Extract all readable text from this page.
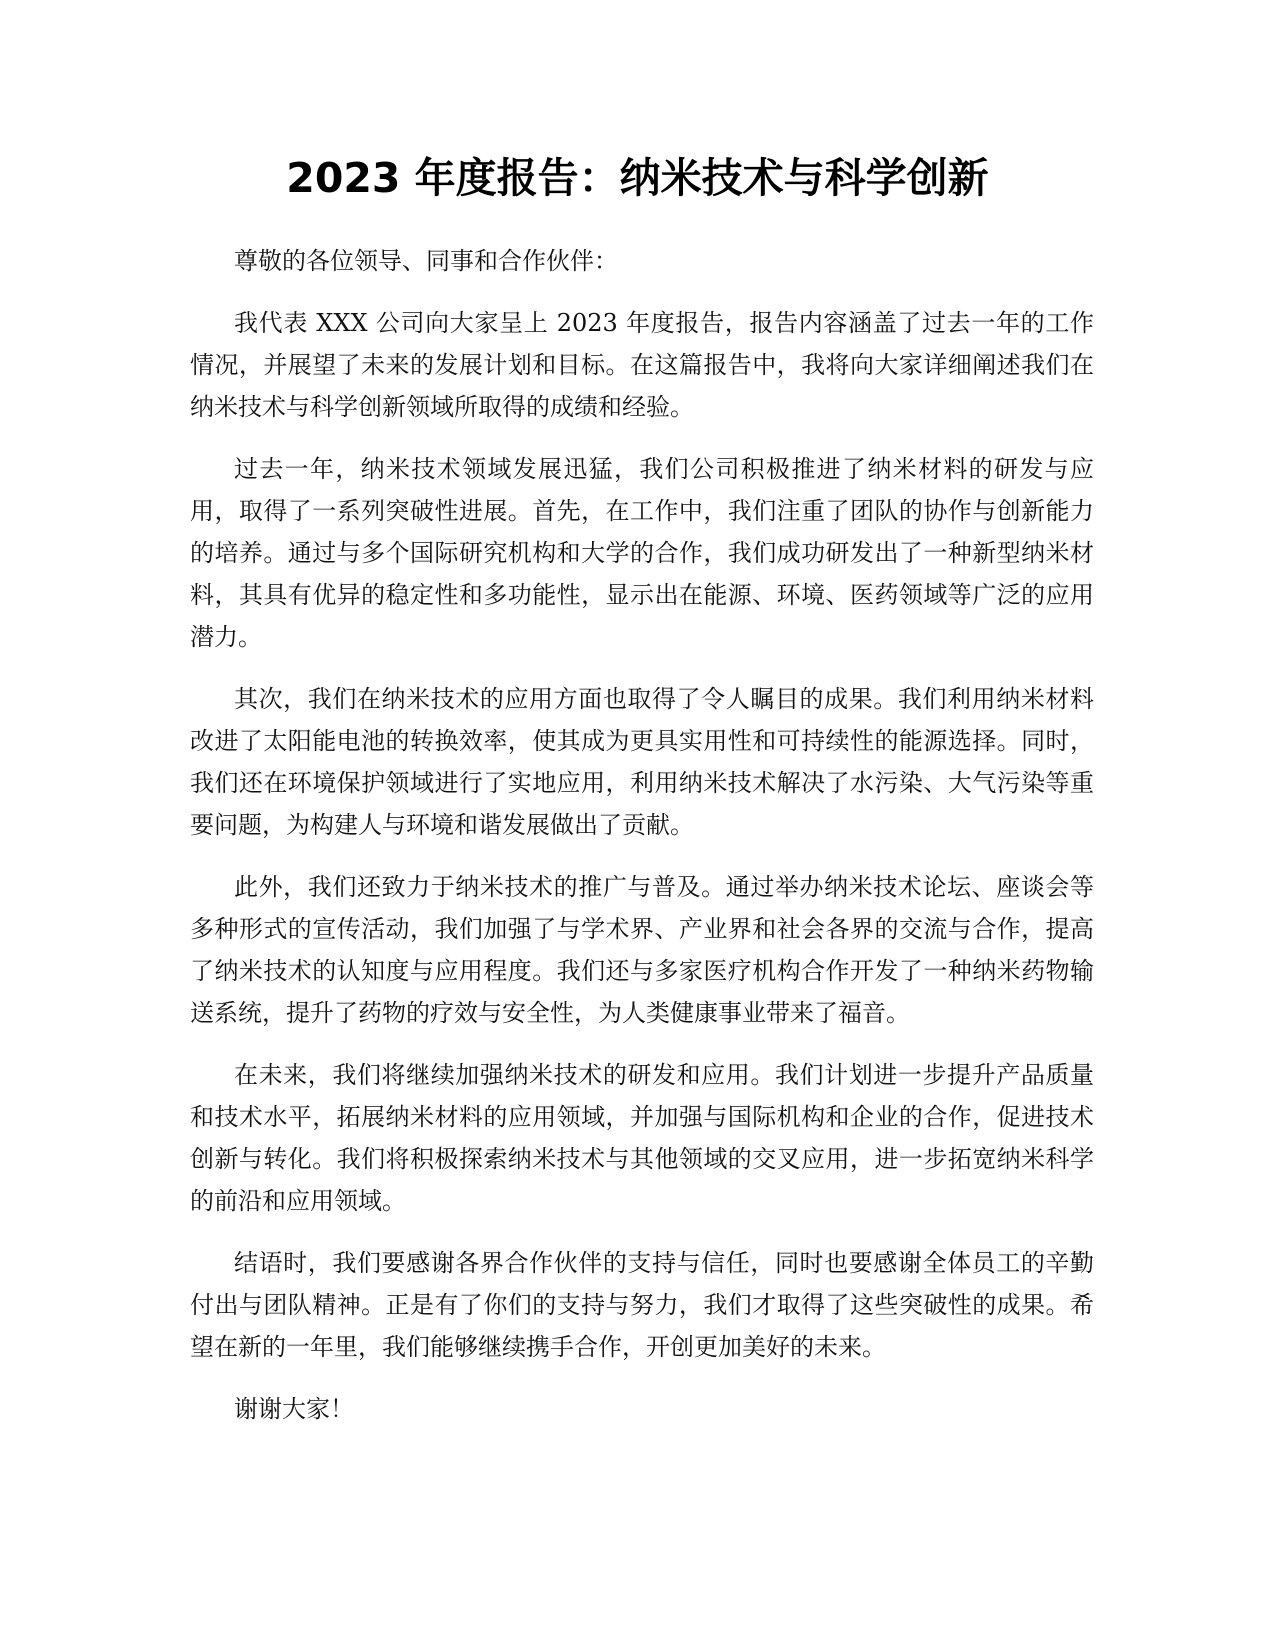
2023 年度报告：纳米技术与科学创新

尊敬的各位领导、同事和合作伙伴：

我代表 XXX 公司向大家呈上 2023 年度报告，报告内容涵盖了过去一年的工作情况，并展望了未来的发展计划和目标。在这篇报告中，我将向大家详细阐述我们在纳米技术与科学创新领域所取得的成绩和经验。

过去一年，纳米技术领域发展迅猛，我们公司积极推进了纳米材料的研发与应用，取得了一系列突破性进展。首先，在工作中，我们注重了团队的协作与创新能力的培养。通过与多个国际研究机构和大学的合作，我们成功研发出了一种新型纳米材料，其具有优异的稳定性和多功能性，显示出在能源、环境、医药领域等广泛的应用潜力。

其次，我们在纳米技术的应用方面也取得了令人瞩目的成果。我们利用纳米材料改进了太阳能电池的转换效率，使其成为更具实用性和可持续性的能源选择。同时，我们还在环境保护领域进行了实地应用，利用纳米技术解决了水污染、大气污染等重要问题，为构建人与环境和谐发展做出了贡献。

此外，我们还致力于纳米技术的推广与普及。通过举办纳米技术论坛、座谈会等多种形式的宣传活动，我们加强了与学术界、产业界和社会各界的交流与合作，提高了纳米技术的认知度与应用程度。我们还与多家医疗机构合作开发了一种纳米药物输送系统，提升了药物的疗效与安全性，为人类健康事业带来了福音。

在未来，我们将继续加强纳米技术的研发和应用。我们计划进一步提升产品质量和技术水平，拓展纳米材料的应用领域，并加强与国际机构和企业的合作，促进技术创新与转化。我们将积极探索纳米技术与其他领域的交叉应用，进一步拓宽纳米科学的前沿和应用领域。

结语时，我们要感谢各界合作伙伴的支持与信任，同时也要感谢全体员工的辛勤付出与团队精神。正是有了你们的支持与努力，我们才取得了这些突破性的成果。希望在新的一年里，我们能够继续携手合作，开创更加美好的未来。

谢谢大家！
